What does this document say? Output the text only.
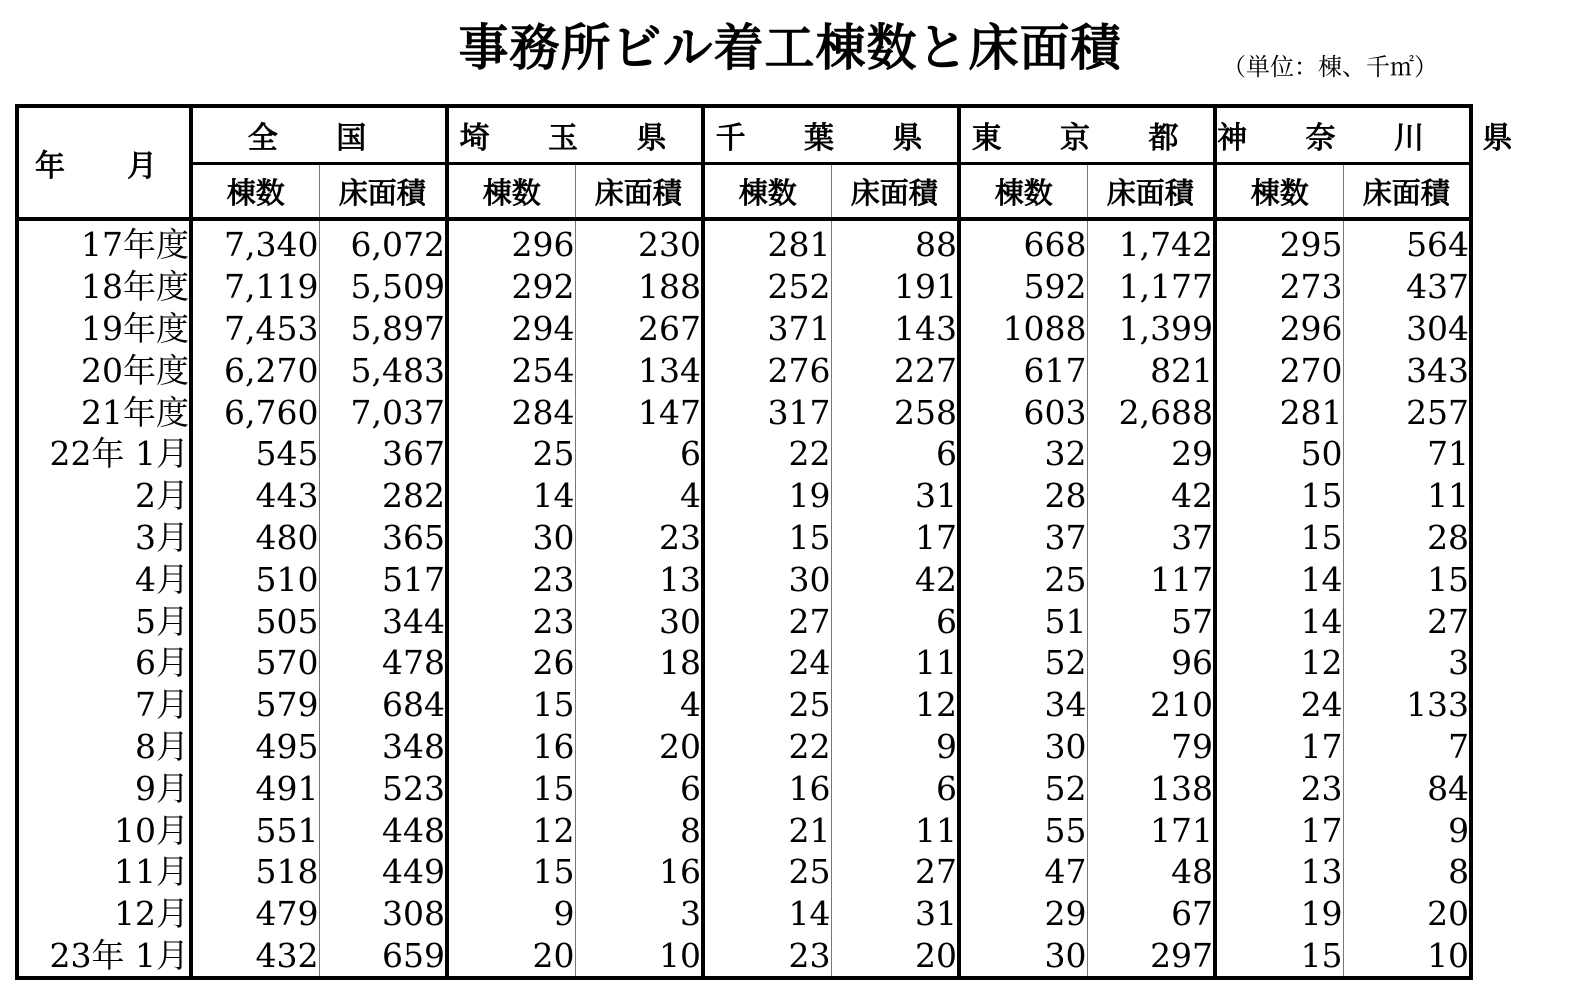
事務所ビル着工棟数と床面積	（単位：棟、千㎡）
年　月	全 国		埼 玉 県		千 葉 県		東 京 都		神 奈 川 県	
	棟数	床面積	棟数	床面積	棟数	床面積	棟数	床面積	棟数	床面積
17年度	7,340	6,072	296	230	281	88	668	1,742	295	564
18年度	7,119	5,509	292	188	252	191	592	1,177	273	437
19年度	7,453	5,897	294	267	371	143	1088	1,399	296	304
20年度	6,270	5,483	254	134	276	227	617	821	270	343
21年度	6,760	7,037	284	147	317	258	603	2,688	281	257
22年 1月	545	367	25	6	22	6	32	29	50	71
2月	443	282	14	4	19	31	28	42	15	11
3月	480	365	30	23	15	17	37	37	15	28
4月	510	517	23	13	30	42	25	117	14	15
5月	505	344	23	30	27	6	51	57	14	27
6月	570	478	26	18	24	11	52	96	12	3
7月	579	684	15	4	25	12	34	210	24	133
8月	495	348	16	20	22	9	30	79	17	7
9月	491	523	15	6	16	6	52	138	23	84
10月	551	448	12	8	21	11	55	171	17	9
11月	518	449	15	16	25	27	47	48	13	8
12月	479	308	9	3	14	31	29	67	19	20
23年 1月	432	659	20	10	23	20	30	297	15	10
